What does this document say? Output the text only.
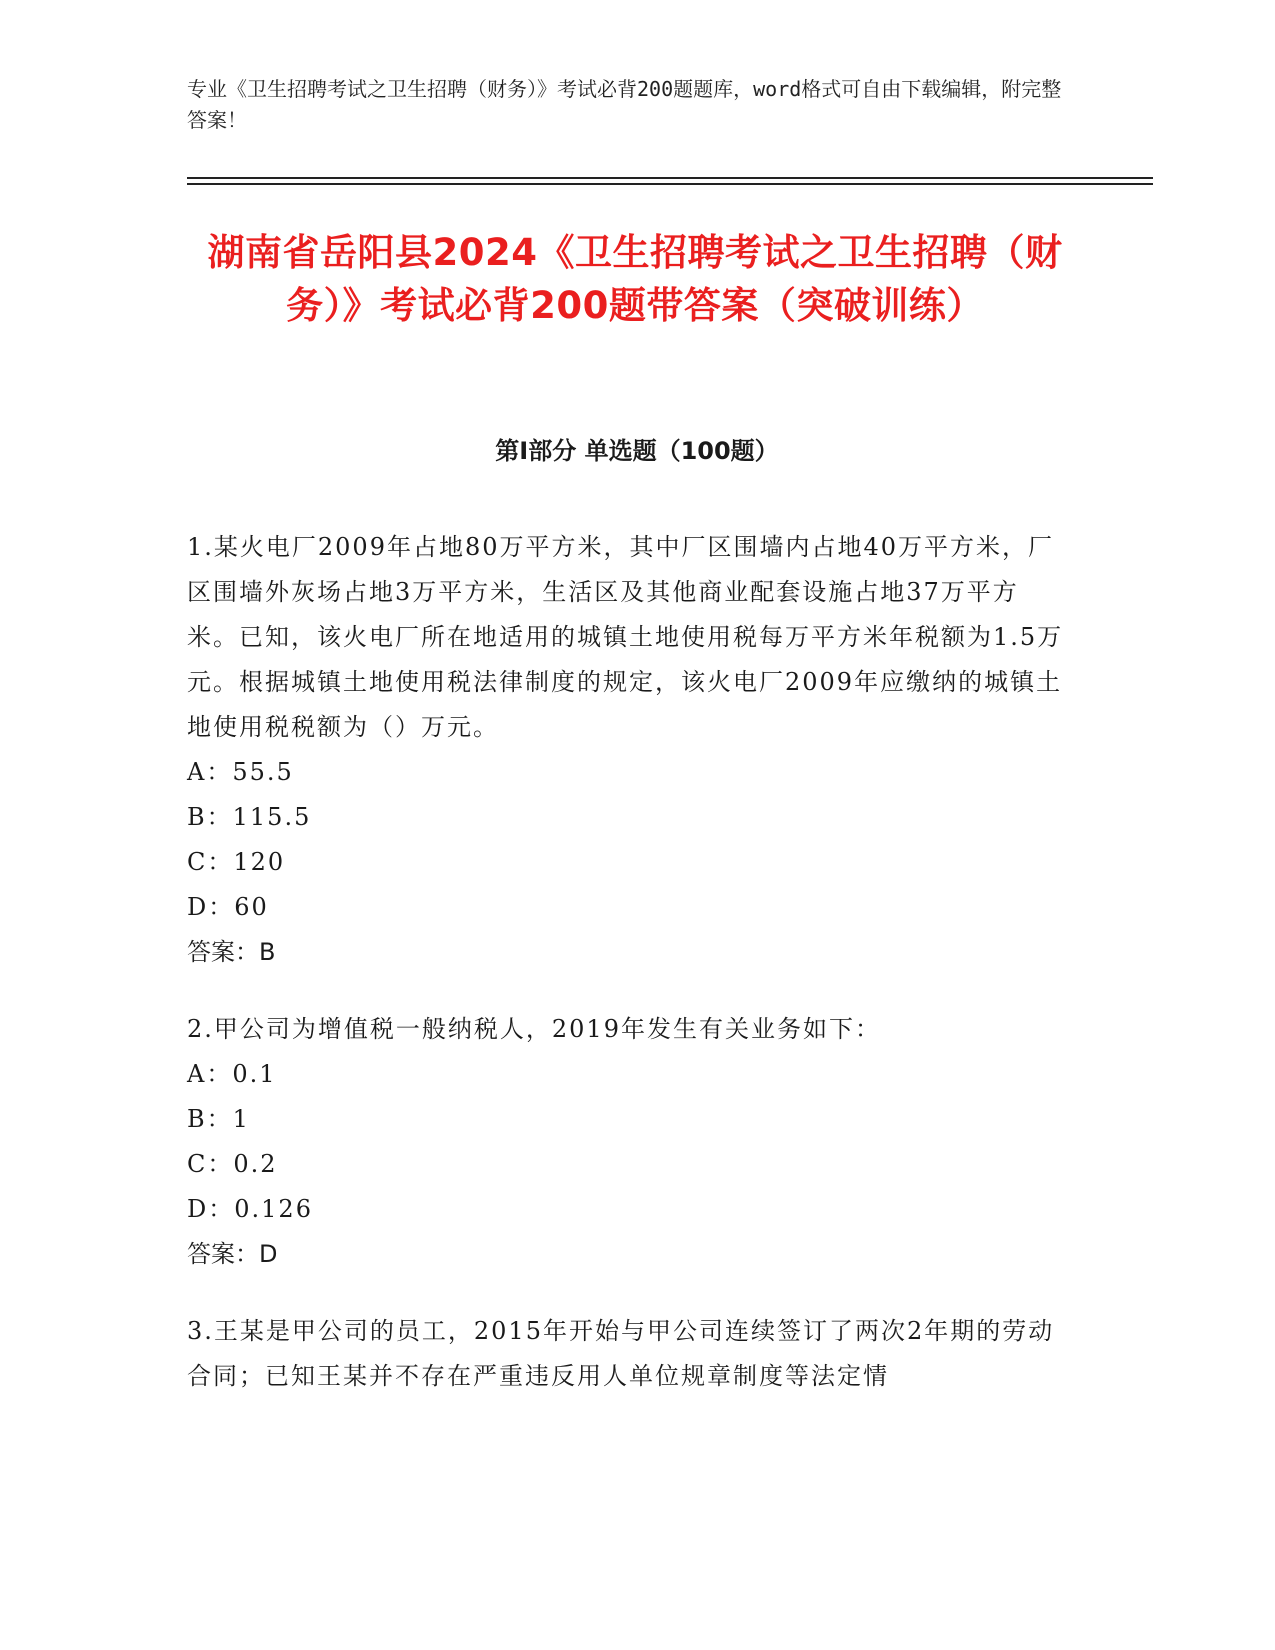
专业《卫生招聘考试之卫生招聘（财务）》考试必背200题题库，word格式可自由下载编辑，附完整答案！
湖南省岳阳县2024《卫生招聘考试之卫生招聘（财务）》考试必背200题带答案（突破训练）
第I部分 单选题（100题）

1.某火电厂2009年占地80万平方米，其中厂区围墙内占地40万平方米，厂区围墙外灰场占地3万平方米，生活区及其他商业配套设施占地37万平方米。已知，该火电厂所在地适用的城镇土地使用税每万平方米年税额为1.5万元。根据城镇土地使用税法律制度的规定，该火电厂2009年应缴纳的城镇土地使用税税额为（）万元。

A：55.5

B：115.5

C：120

D：60

答案：B

2.甲公司为增值税一般纳税人，2019年发生有关业务如下：

A：0.1

B：1

C：0.2

D：0.126

答案：D

3.王某是甲公司的员工，2015年开始与甲公司连续签订了两次2年期的劳动合同；已知王某并不存在严重违反用人单位规章制度等法定情
